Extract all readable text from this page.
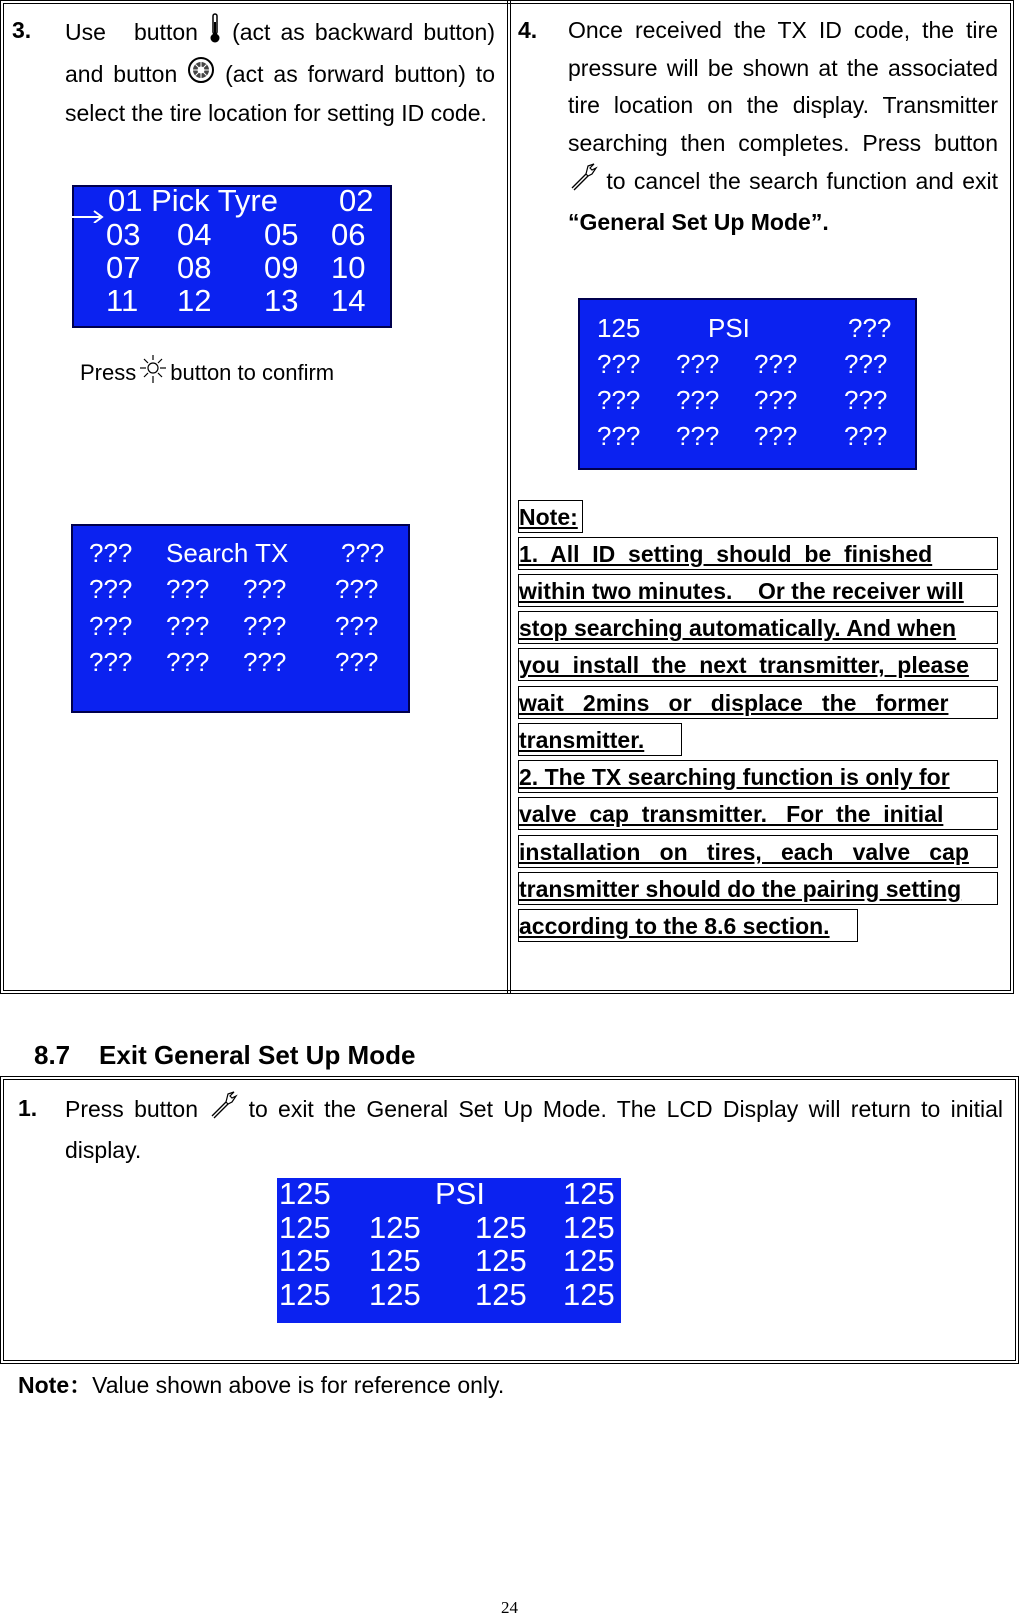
3. Use button (act as backward button) and button (act as forward button) to select the tire location for setting ID code.
01 Pick Tyre 02
03 04 05 06
07 08 09 10
11 12 13 14
Press button to confirm
??? Search TX ???
??? ??? ??? ???
??? ??? ??? ???
??? ??? ??? ???
4. Once received the TX ID code, the tire pressure will be shown at the associated tire location on the display. Transmitter searching then completes. Press button  to cancel the search function and exit “General Set Up Mode”.
125	PSI	???
??? ??? ??? ???
??? ??? ??? ???
??? ??? ??? ???
Note:
1.  All  ID  setting  should  be  finished
within two minutes.    Or the receiver will
stop searching automatically. And when
you  install  the  next  transmitter,  please
wait   2mins   or   displace   the   former
transmitter.
2. The TX searching function is only for
valve  cap  transmitter.   For  the  initial
installation   on   tires,   each   valve   cap
transmitter should do the pairing setting
according to the 8.6 section.
8.7    Exit General Set Up Mode
1. Press button to exit the General Set Up Mode. The LCD Display will return to initial display.
125	PSI	125
125 125 125 125
125 125 125 125
125 125 125 125
Note：Value shown above is for reference only.
24
